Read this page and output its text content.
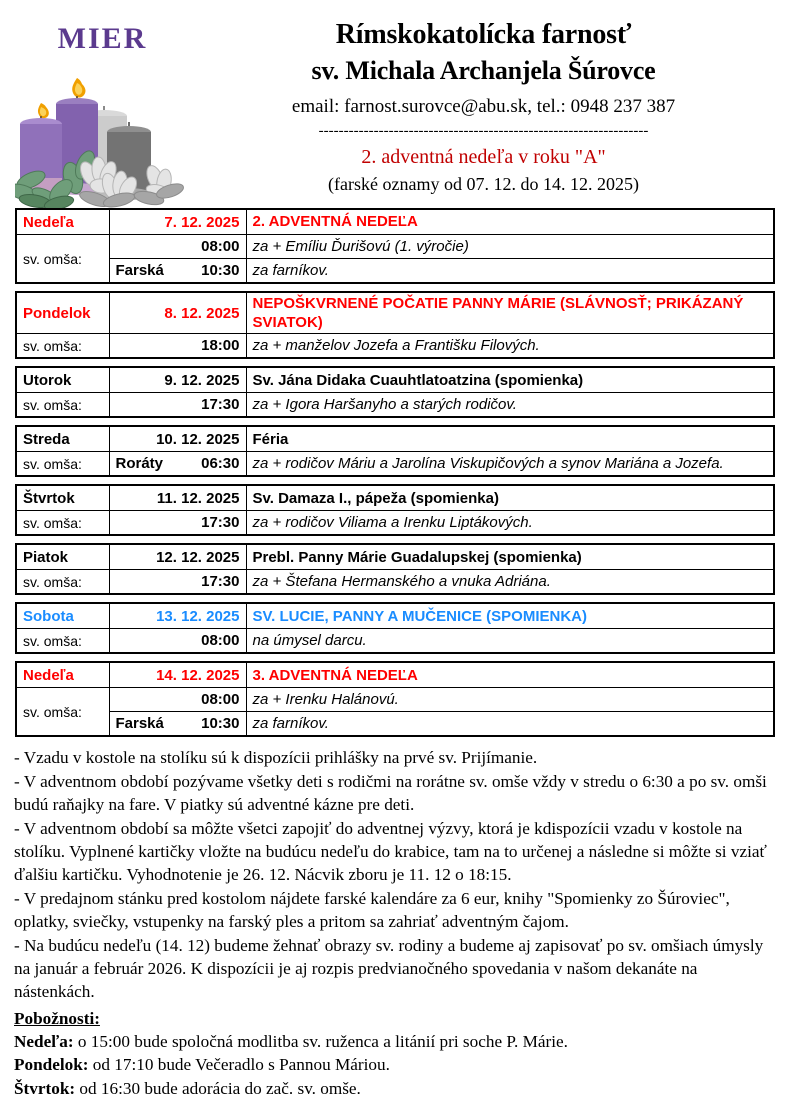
MIER	Rímskokatolícka farnosť
sv. Michala Archanjela Šúrovce
email: farnost.surovce@abu.sk, tel.: 0948 237 387
------------------------------------------------------------------
2. adventná nedeľa v roku "A"
(farské oznamy od 07. 12. do 14. 12. 2025)
Nedeľa	7. 12. 2025	2. ADVENTNÁ NEDEĽA
sv. omša:	08:00	za + Emíliu Ďurišovú (1. výročie)

	Farská 10:30	za farníkov.
Pondelok	8. 12. 2025	NEPOŠKVRNENÉ POČATIE PANNY MÁRIE (SLÁVNOSŤ; PRIKÁZANÝ SVIATOK)
sv. omša:	18:00	za + manželov Jozefa a Františku Filových.
Utorok	9. 12. 2025	Sv. Jána Didaka Cuauhtlatoatzina (spomienka)
sv. omša:	17:30	za + Igora Haršanyho a starých rodičov.
Streda	10. 12. 2025	Féria
sv. omša:	Roráty 06:30	za + rodičov Máriu a Jarolína Viskupičových a synov Mariána a Jozefa.
Štvrtok	11. 12. 2025	Sv. Damaza I., pápeža (spomienka)
sv. omša:	17:30	za + rodičov Viliama a Irenku Liptákových.
Piatok	12. 12. 2025	Prebl. Panny Márie Guadalupskej (spomienka)
sv. omša:	17:30	za + Štefana Hermanského a vnuka Adriána.
Sobota	13. 12. 2025	SV. LUCIE, PANNY A MUČENICE (SPOMIENKA)
sv. omša:	08:00	na úmysel darcu.
Nedeľa	14. 12. 2025	3. ADVENTNÁ NEDEĽA
sv. omša:	08:00	za + Irenku Halánovú.

	Farská 10:30	za farníkov.

- Vzadu v kostole na stolíku sú k dispozícii prihlášky na prvé sv. Prijímanie.

- V adventnom období pozývame všetky deti s rodičmi na rorátne sv. omše vždy v stredu o 6:30 a po sv. omši budú raňajky na fare. V piatky sú adventné kázne pre deti.

- V adventnom období sa môžte všetci zapojiť do adventnej výzvy, ktorá je kdispozícii vzadu v kostole na stolíku. Vyplnené kartičky vložte na budúcu nedeľu do krabice, tam na to určenej a následne si môžte si vziať ďalšiu kartičku. Vyhodnotenie je 26. 12. Nácvik zboru je 11. 12 o 18:15.

- V predajnom stánku pred kostolom nájdete farské kalendáre za 6 eur, knihy "Spomienky zo Šúroviec", oplatky, sviečky, vstupenky na farský ples a pritom sa zahriať adventným čajom.

- Na budúcu nedeľu (14. 12) budeme žehnať obrazy sv. rodiny a budeme aj zapisovať po sv. omšiach úmysly na január a február 2026. K dispozícii je aj rozpis predvianočného spovedania v našom dekanáte na nástenkách.

Pobožnosti:

Nedeľa: o 15:00 bude spoločná modlitba sv. ruženca a litánií pri soche P. Márie.

Pondelok: od 17:10 bude Večeradlo s Pannou Máriou.

Štvrtok: od 16:30 bude adorácia do zač. sv. omše.
